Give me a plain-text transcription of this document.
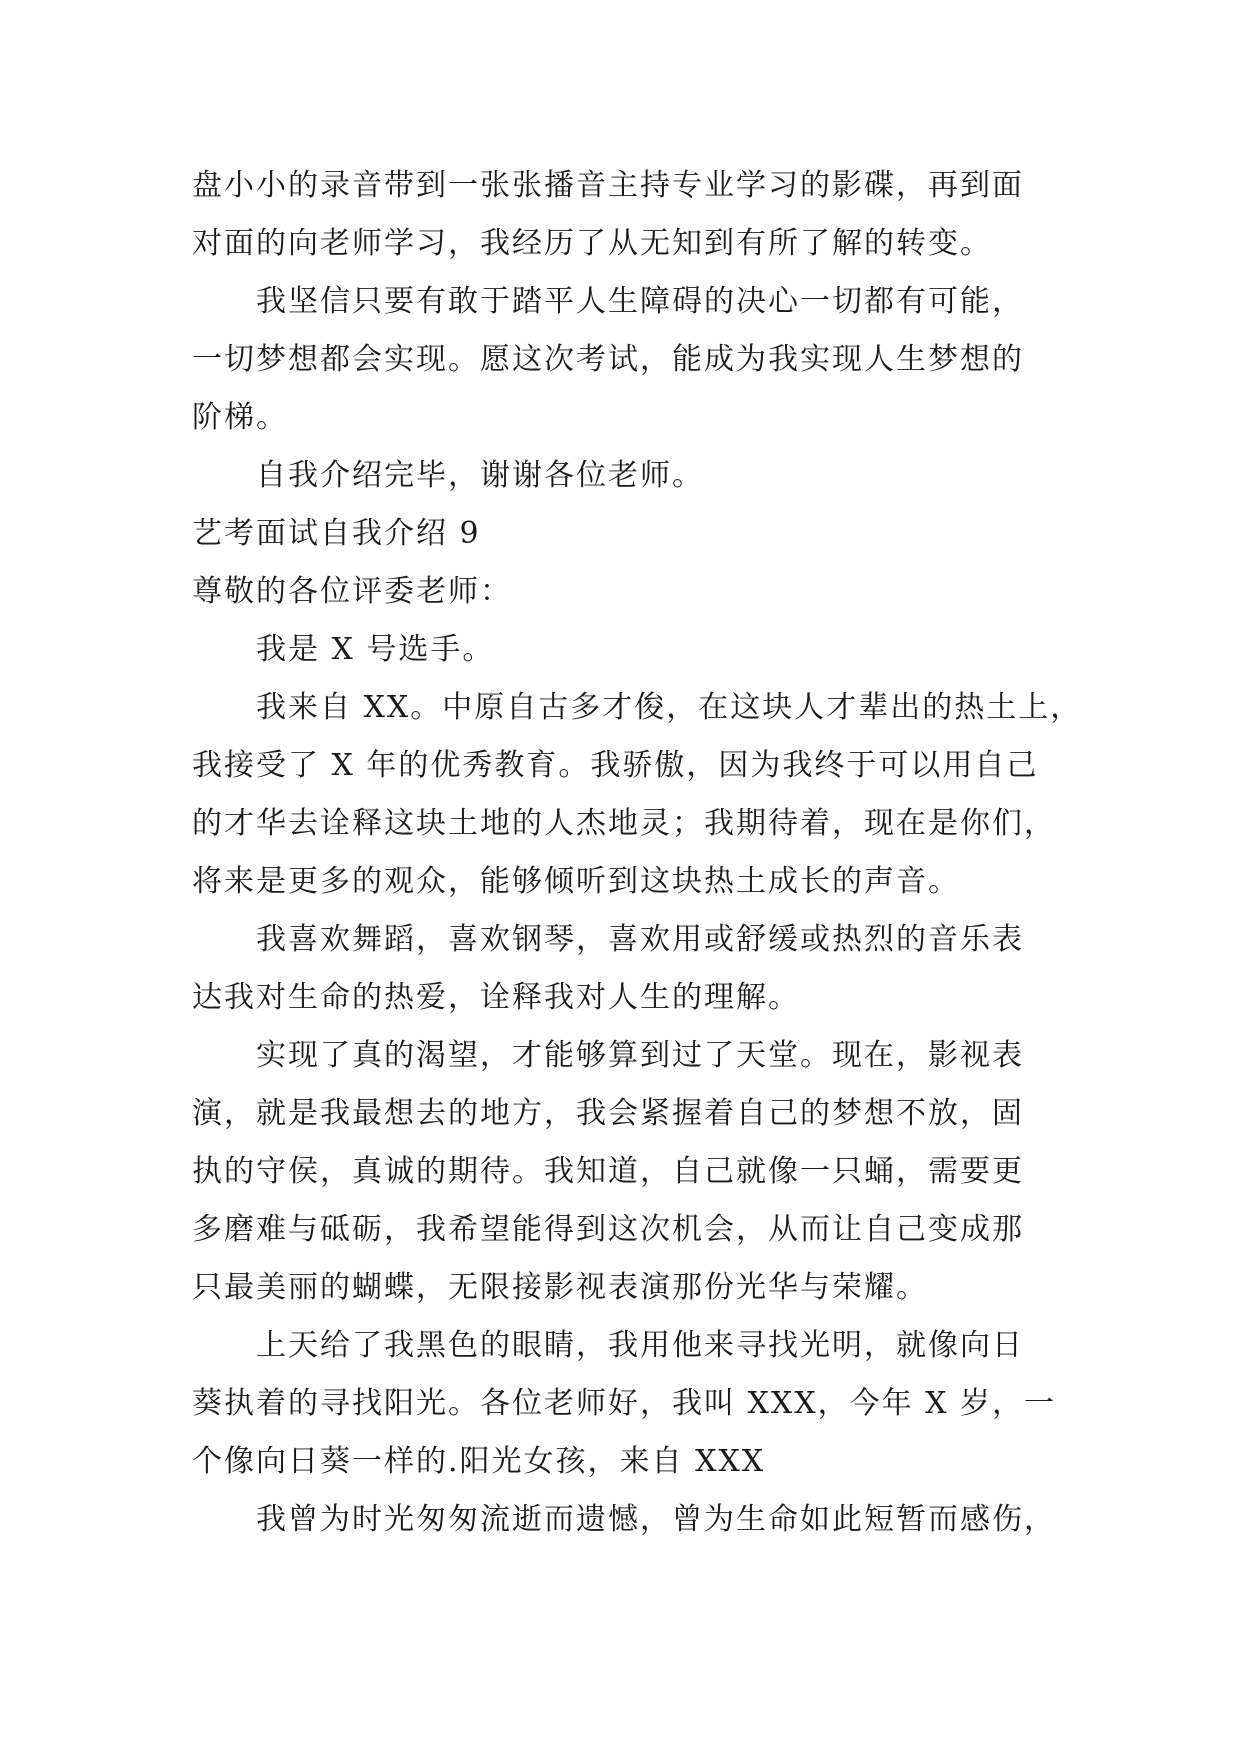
盘小小的录音带到一张张播音主持专业学习的影碟，再到面
对面的向老师学习，我经历了从无知到有所了解的转变。
我坚信只要有敢于踏平人生障碍的决心一切都有可能，
一切梦想都会实现。愿这次考试，能成为我实现人生梦想的
阶梯。
自我介绍完毕，谢谢各位老师。
艺考面试自我介绍 9
尊敬的各位评委老师：
我是 X 号选手。
我来自 XX。中原自古多才俊，在这块人才辈出的热土上，
我接受了 X 年的优秀教育。我骄傲，因为我终于可以用自己
的才华去诠释这块土地的人杰地灵；我期待着，现在是你们，
将来是更多的观众，能够倾听到这块热土成长的声音。
我喜欢舞蹈，喜欢钢琴，喜欢用或舒缓或热烈的音乐表
达我对生命的热爱，诠释我对人生的理解。
实现了真的渴望，才能够算到过了天堂。现在，影视表
演，就是我最想去的地方，我会紧握着自己的梦想不放，固
执的守侯，真诚的期待。我知道，自己就像一只蛹，需要更
多磨难与砥砺，我希望能得到这次机会，从而让自己变成那
只最美丽的蝴蝶，无限接影视表演那份光华与荣耀。
上天给了我黑色的眼睛，我用他来寻找光明，就像向日
葵执着的寻找阳光。各位老师好，我叫 XXX，今年 X 岁，一
个像向日葵一样的.阳光女孩，来自 XXX
我曾为时光匆匆流逝而遗憾，曾为生命如此短暂而感伤，
